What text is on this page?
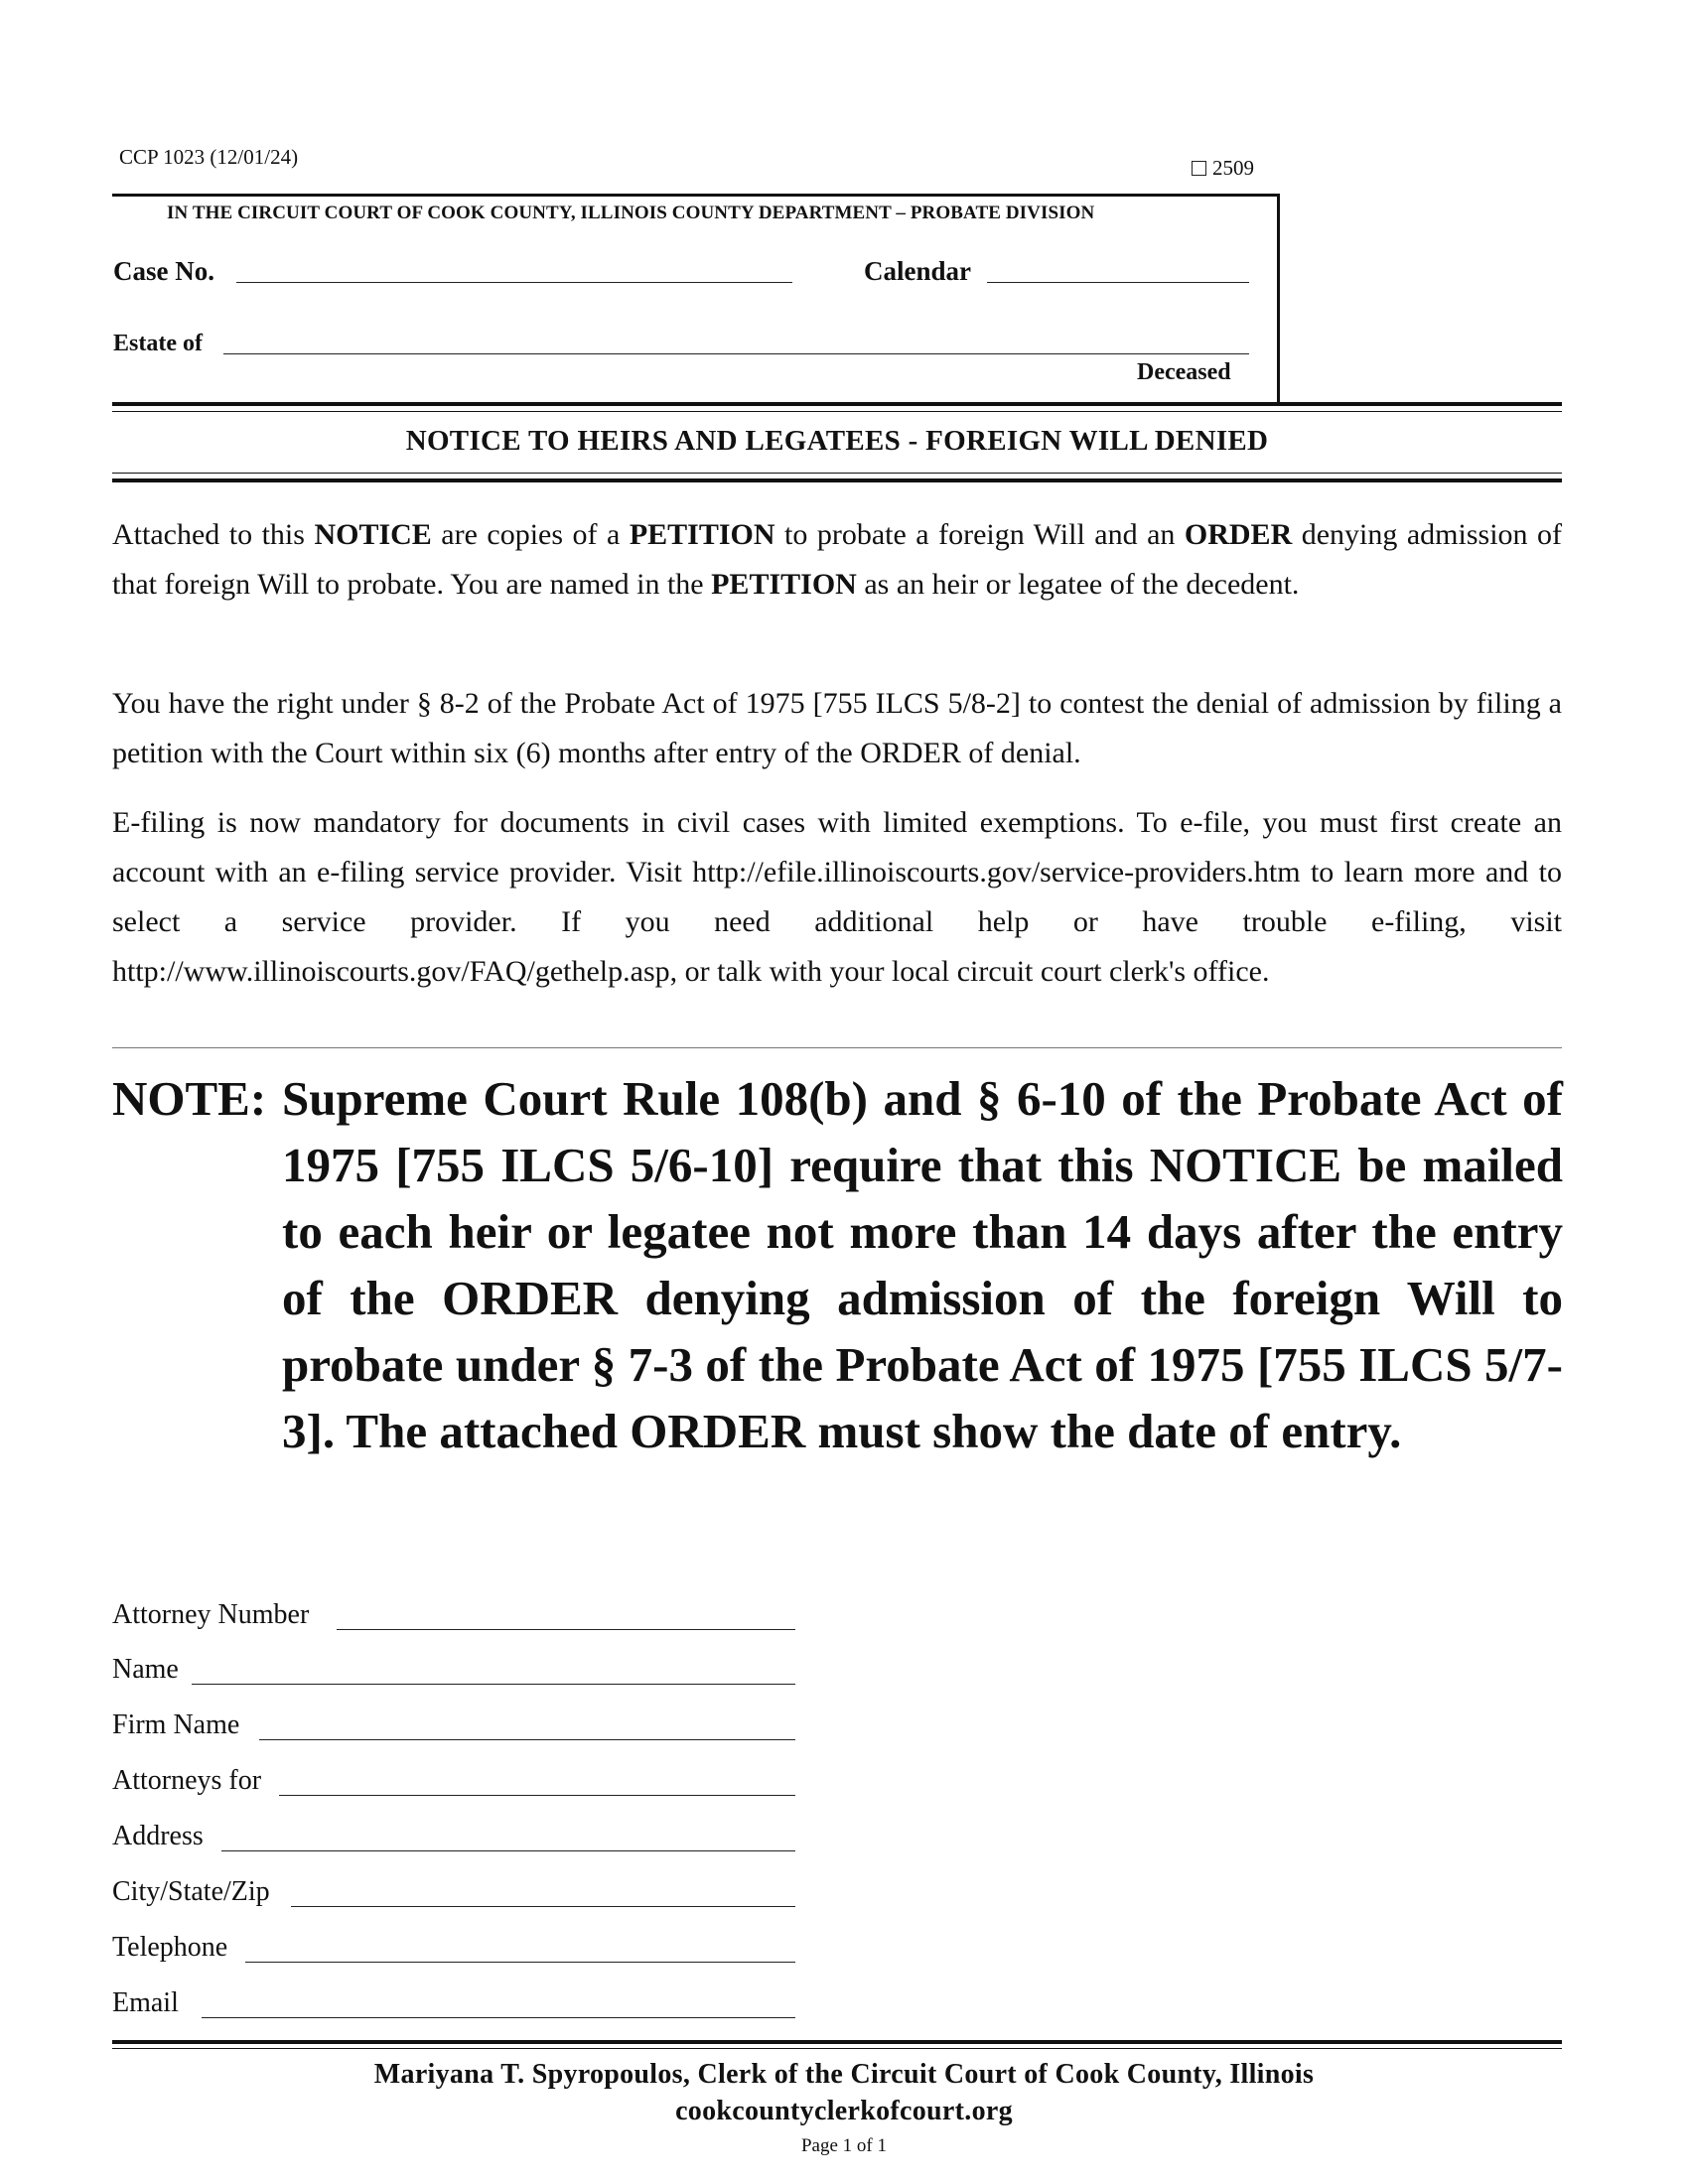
CCP 1023 (12/01/24)	2509
IN THE CIRCUIT COURT OF COOK COUNTY, ILLINOIS COUNTY DEPARTMENT – PROBATE DIVISION
Case No.	Calendar
Estate of
Deceased
NOTICE TO HEIRS AND LEGATEES - FOREIGN WILL DENIED
Attached to this NOTICE are copies of a PETITION to probate a foreign Will and an ORDER denying admission of that foreign Will to probate. You are named in the PETITION as an heir or legatee of the decedent.
You have the right under § 8-2 of the Probate Act of 1975 [755 ILCS 5/8-2] to contest the denial of admission by filing a petition with the Court within six (6) months after entry of the ORDER of denial.
E-filing is now mandatory for documents in civil cases with limited exemptions. To e-file, you must first create an account with an e-filing service provider. Visit http://efile.illinoiscourts.gov/service-providers.htm to learn more and to select a service provider. If you need additional help or have trouble e-filing, visit http://www.illinoiscourts.gov/FAQ/gethelp.asp, or talk with your local circuit court clerk's office.
NOTE: Supreme Court Rule 108(b) and § 6-10 of the Probate Act of 1975 [755 ILCS 5/6-10] require that this NOTICE be mailed to each heir or legatee not more than 14 days after the entry of the ORDER denying admission of the foreign Will to probate under § 7-3 of the Probate Act of 1975 [755 ILCS 5/7-3]. The attached ORDER must show the date of entry.
Attorney Number
Name
Firm Name
Attorneys for
Address
City/State/Zip
Telephone
Email
Mariyana T. Spyropoulos, Clerk of the Circuit Court of Cook County, Illinois
cookcountyclerkofcourt.org
Page 1 of 1
